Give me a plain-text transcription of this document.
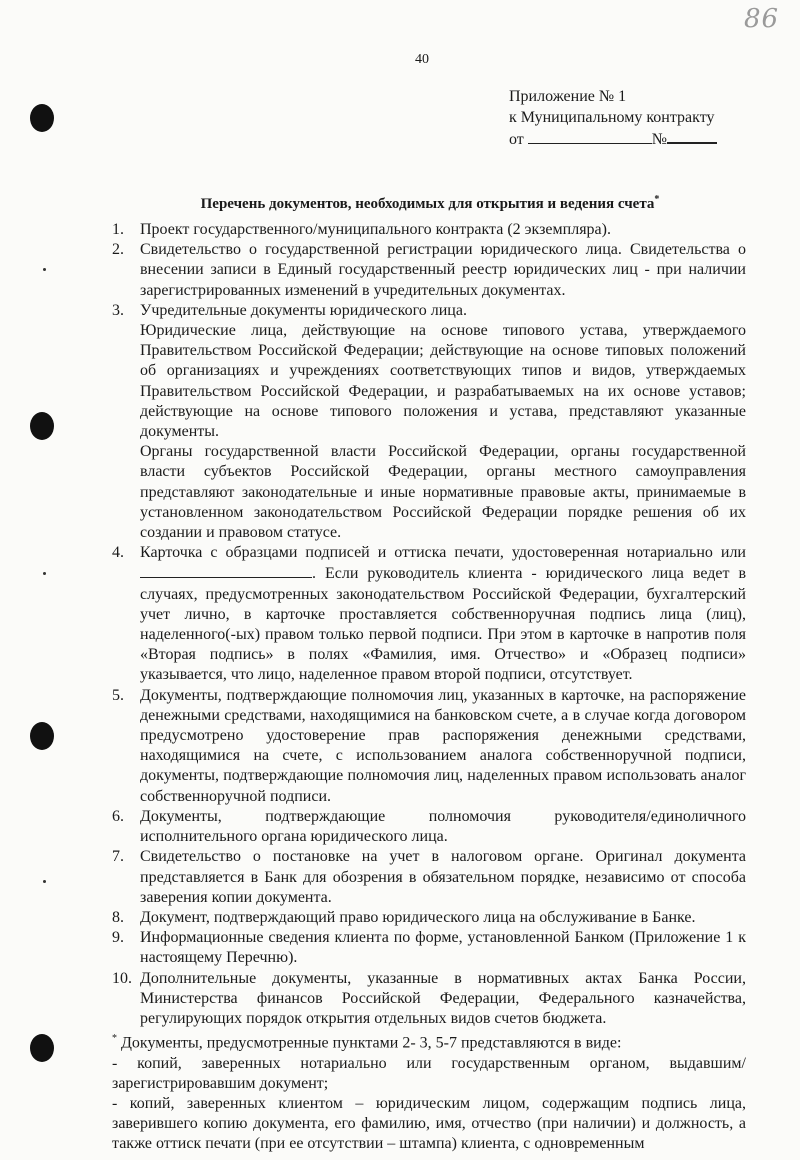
86
40
Приложение № 1
к Муниципальному контракту
от	№
Перечень документов, необходимых для открытия и ведения счета*
1.	Проект государственного/муниципального контракта (2 экземпляра).

2.	Свидетельство о государственной регистрации юридического лица. Свидетельства о внесении записи в Единый государственный реестр юридических лиц - при наличии зарегистрированных изменений в учредительных документах.

3.	Учредительные документы юридического лица.

Юридические лица, действующие на основе типового устава, утверждаемого Правительством Российской Федерации; действующие на основе типовых положений об организациях и учреждениях соответствующих типов и видов, утверждаемых Правительством Российской Федерации, и разрабатываемых на их основе уставов; действующие на основе типового положения и устава, представляют указанные документы.

Органы государственной власти Российской Федерации, органы государственной власти субъектов Российской Федерации, органы местного самоуправления представляют законодательные и иные нормативные правовые акты, принимаемые в установленном законодательством Российской Федерации порядке решения об их создании и правовом статусе.

4.	Карточка с образцами подписей и оттиска печати, удостоверенная нотариально или . Если руководитель клиента - юридического лица ведет в случаях, предусмотренных законодательством Российской Федерации, бухгалтерский учет лично, в карточке проставляется собственноручная подпись лица (лиц), наделенного(-ых) правом только первой подписи. При этом в карточке в напротив поля «Вторая подпись» в полях «Фамилия, имя. Отчество» и «Образец подписи» указывается, что лицо, наделенное правом второй подписи, отсутствует.

5.	Документы, подтверждающие полномочия лиц, указанных в карточке, на распоряжение денежными средствами, находящимися на банковском счете, а в случае когда договором предусмотрено удостоверение прав распоряжения денежными средствами, находящимися на счете, с использованием аналога собственноручной подписи, документы, подтверждающие полномочия лиц, наделенных правом использовать аналог собственноручной подписи.

6.	Документы, подтверждающие полномочия руководителя/единоличного исполнительного органа юридического лица.

7.	Свидетельство о постановке на учет в налоговом органе. Оригинал документа представляется в Банк для обозрения в обязательном порядке, независимо от способа заверения копии документа.

8.	Документ, подтверждающий право юридического лица на обслуживание в Банке.

9.	Информационные сведения клиента по форме, установленной Банком (Приложение 1 к настоящему Перечню).

10. Дополнительные документы, указанные в нормативных актах Банка России, Министерства финансов Российской Федерации, Федерального казначейства, регулирующих порядок открытия отдельных видов счетов бюджета.

* Документы, предусмотренные пунктами 2- 3, 5-7 представляются в виде:

- копий, заверенных нотариально или государственным органом, выдавшим/зарегистрировавшим документ;

- копий, заверенных клиентом – юридическим лицом, содержащим подпись лица, заверившего копию документа, его фамилию, имя, отчество (при наличии) и должность, а также оттиск печати (при ее отсутствии – штампа) клиента, с одновременным
